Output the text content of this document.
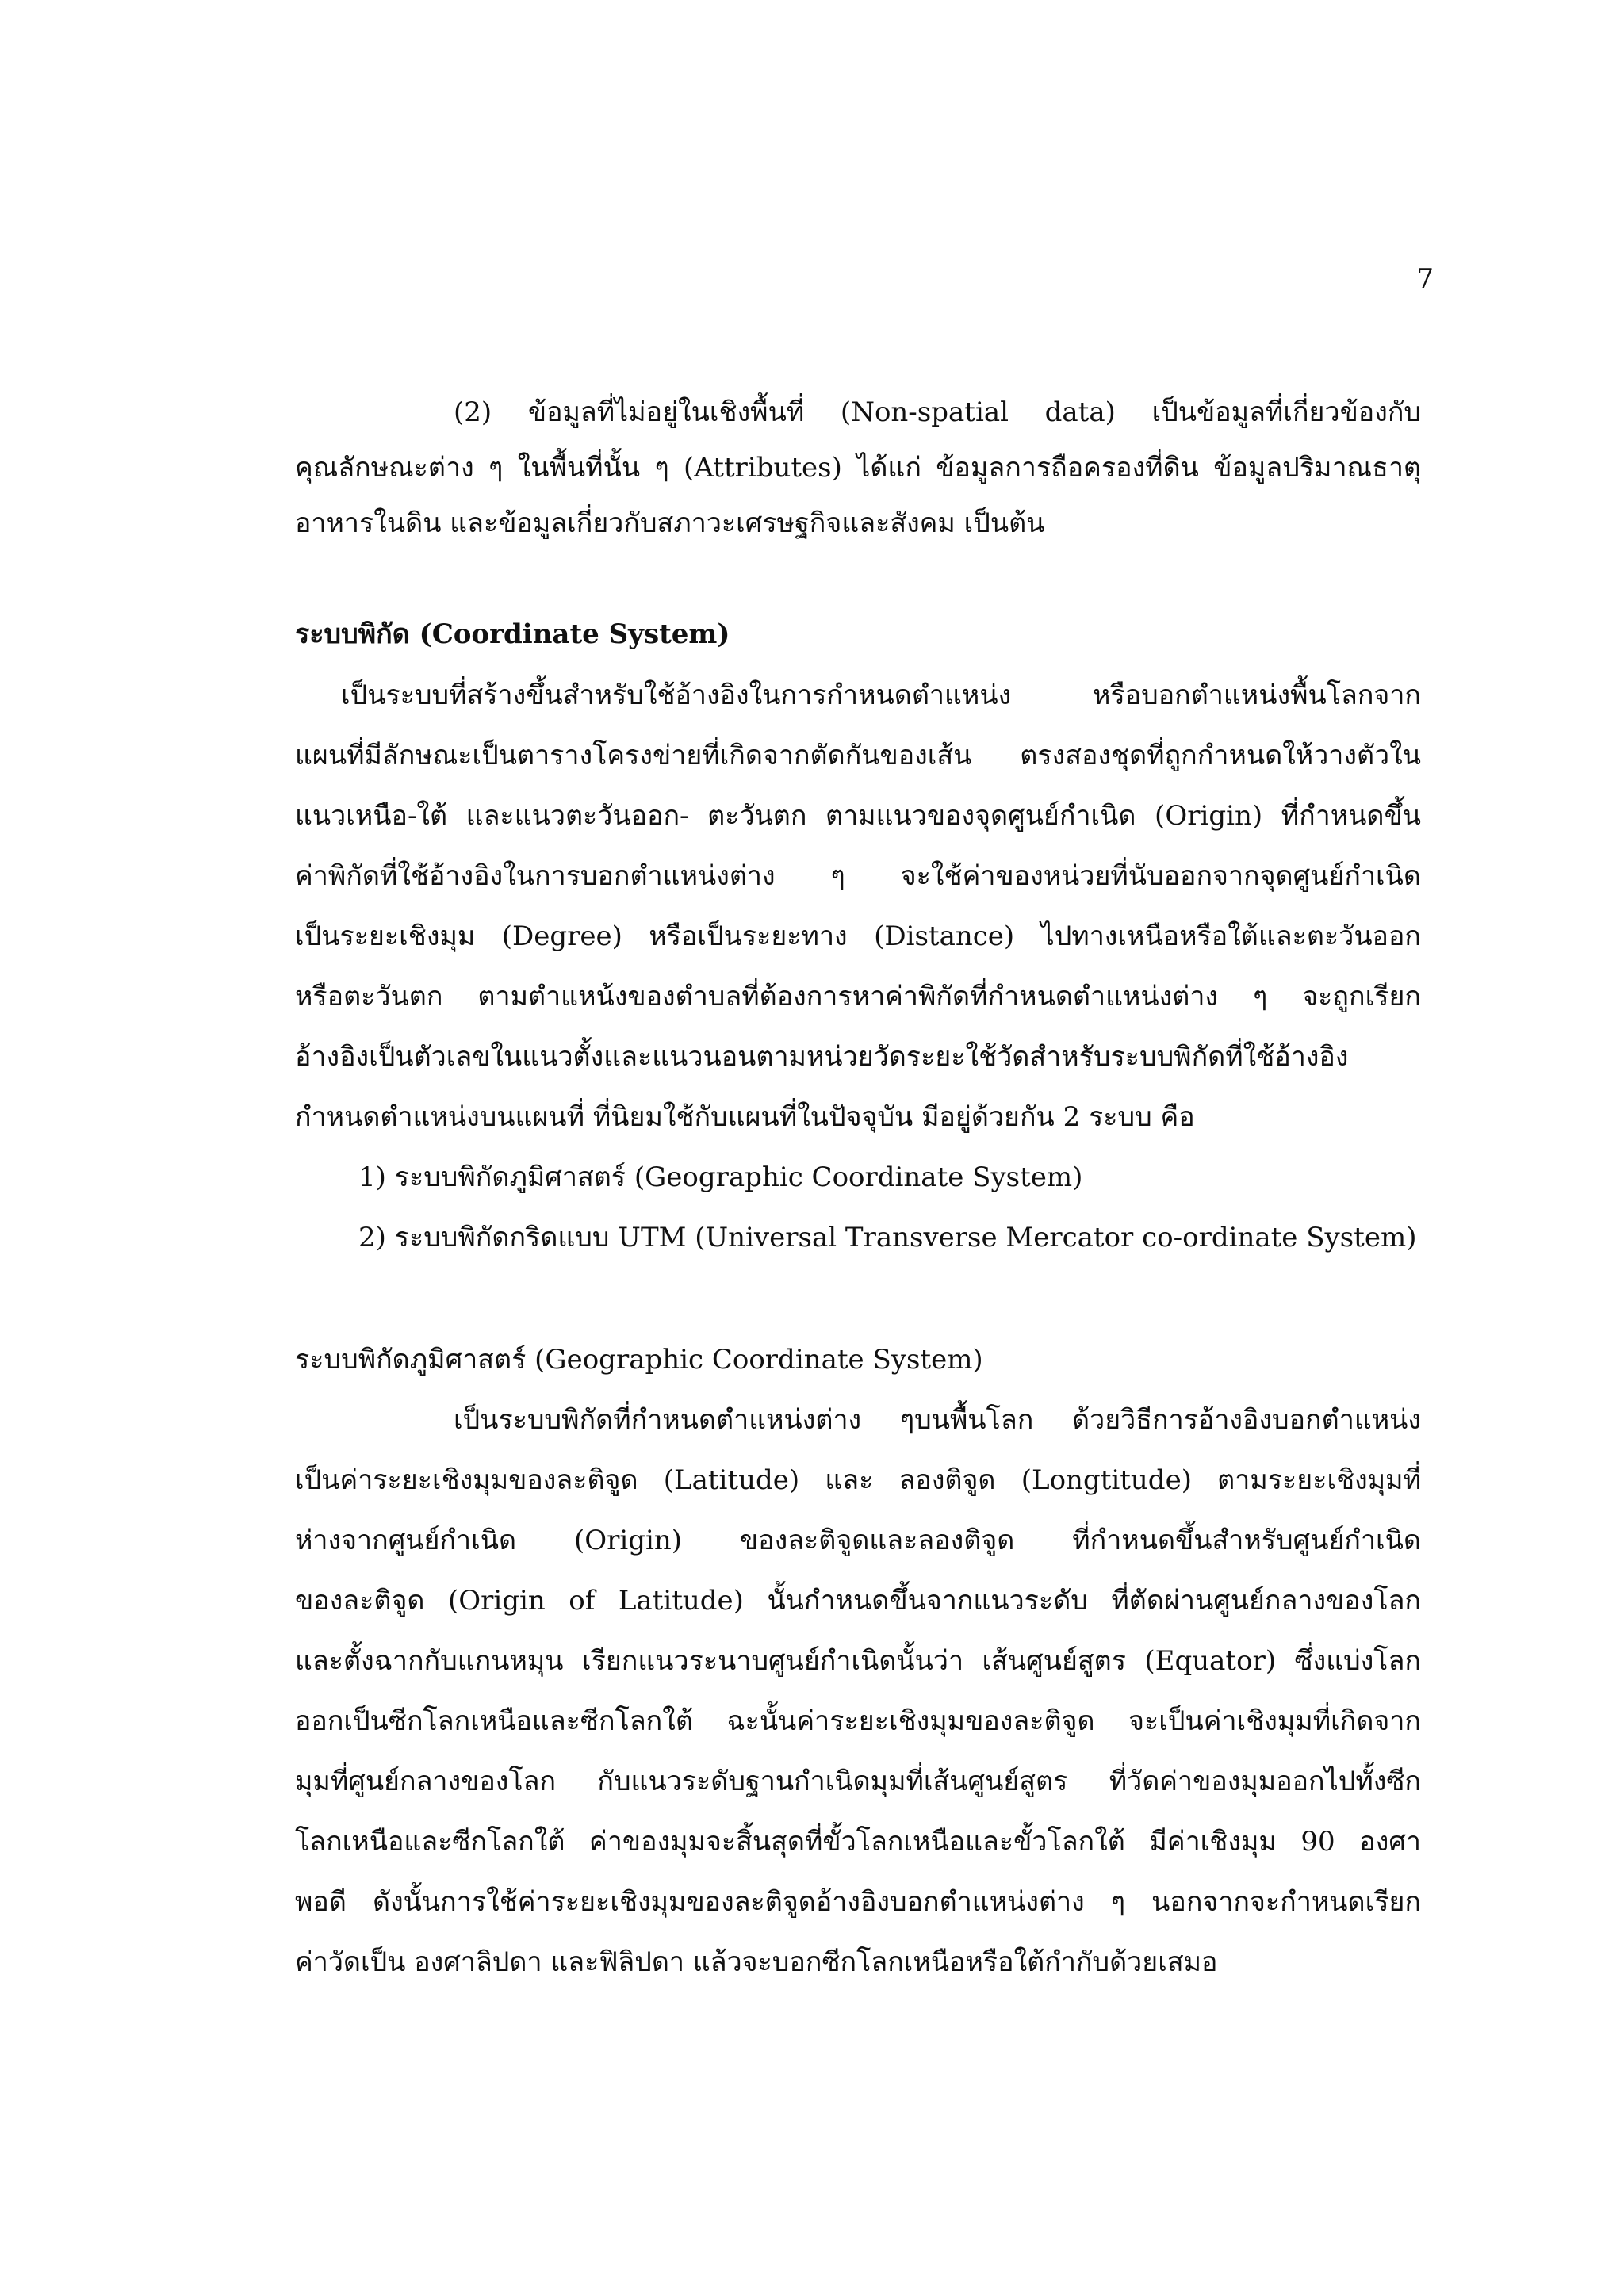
7
(2) ข้อมูลที่ไม่อยู่ในเชิงพื้นที่ (Non-spatial data) เป็นข้อมูลที่เกี่ยวข้องกับ
คุณลักษณะต่าง ๆ ในพื้นที่นั้น ๆ (Attributes) ได้แก่ ข้อมูลการถือครองที่ดิน ข้อมูลปริมาณธาตุ
อาหารในดิน และข้อมูลเกี่ยวกับสภาวะเศรษฐกิจและสังคม เป็นต้น
ระบบพิกัด (Coordinate System)
เป็นระบบที่สร้างขึ้นสำหรับใช้อ้างอิงในการกำหนดตำแหน่ง หรือบอกตำแหน่งพื้นโลกจาก
แผนที่มีลักษณะเป็นตารางโครงข่ายที่เกิดจากตัดกันของเส้น ตรงสองชุดที่ถูกกำหนดให้วางตัวใน
แนวเหนือ-ใต้ และแนวตะวันออก- ตะวันตก ตามแนวของจุดศูนย์กำเนิด (Origin) ที่กำหนดขึ้น
ค่าพิกัดที่ใช้อ้างอิงในการบอกตำแหน่งต่าง ๆ จะใช้ค่าของหน่วยที่นับออกจากจุดศูนย์กำเนิด
เป็นระยะเชิงมุม (Degree) หรือเป็นระยะทาง (Distance) ไปทางเหนือหรือใต้และตะวันออก
หรือตะวันตก ตามตำแหน้งของตำบลที่ต้องการหาค่าพิกัดที่กำหนดตำแหน่งต่าง ๆ จะถูกเรียก
อ้างอิงเป็นตัวเลขในแนวตั้งและแนวนอนตามหน่วยวัดระยะใช้วัดสำหรับระบบพิกัดที่ใช้อ้างอิง
กำหนดตำแหน่งบนแผนที่ ที่นิยมใช้กับแผนที่ในปัจจุบัน มีอยู่ด้วยกัน 2 ระบบ คือ
1) ระบบพิกัดภูมิศาสตร์ (Geographic Coordinate System)
2) ระบบพิกัดกริดแบบ UTM (Universal Transverse Mercator co-ordinate System)
ระบบพิกัดภูมิศาสตร์ (Geographic Coordinate System)
เป็นระบบพิกัดที่กำหนดตำแหน่งต่าง ๆบนพื้นโลก ด้วยวิธีการอ้างอิงบอกตำแหน่ง
เป็นค่าระยะเชิงมุมของละติจูด (Latitude) และ ลองติจูด (Longtitude) ตามระยะเชิงมุมที่
ห่างจากศูนย์กำเนิด (Origin) ของละติจูดและลองติจูด ที่กำหนดขึ้นสำหรับศูนย์กำเนิด
ของละติจูด (Origin of Latitude) นั้นกำหนดขึ้นจากแนวระดับ ที่ตัดผ่านศูนย์กลางของโลก
และตั้งฉากกับแกนหมุน เรียกแนวระนาบศูนย์กำเนิดนั้นว่า เส้นศูนย์สูตร (Equator) ซึ่งแบ่งโลก
ออกเป็นซีกโลกเหนือและซีกโลกใต้ ฉะนั้นค่าระยะเชิงมุมของละติจูด จะเป็นค่าเชิงมุมที่เกิดจาก
มุมที่ศูนย์กลางของโลก กับแนวระดับฐานกำเนิดมุมที่เส้นศูนย์สูตร ที่วัดค่าของมุมออกไปทั้งซีก
โลกเหนือและซีกโลกใต้ ค่าของมุมจะสิ้นสุดที่ขั้วโลกเหนือและขั้วโลกใต้ มีค่าเชิงมุม 90 องศา
พอดี ดังนั้นการใช้ค่าระยะเชิงมุมของละติจูดอ้างอิงบอกตำแหน่งต่าง ๆ นอกจากจะกำหนดเรียก
ค่าวัดเป็น องศาลิปดา และฟิลิปดา แล้วจะบอกซีกโลกเหนือหรือใต้กำกับด้วยเสมอ
